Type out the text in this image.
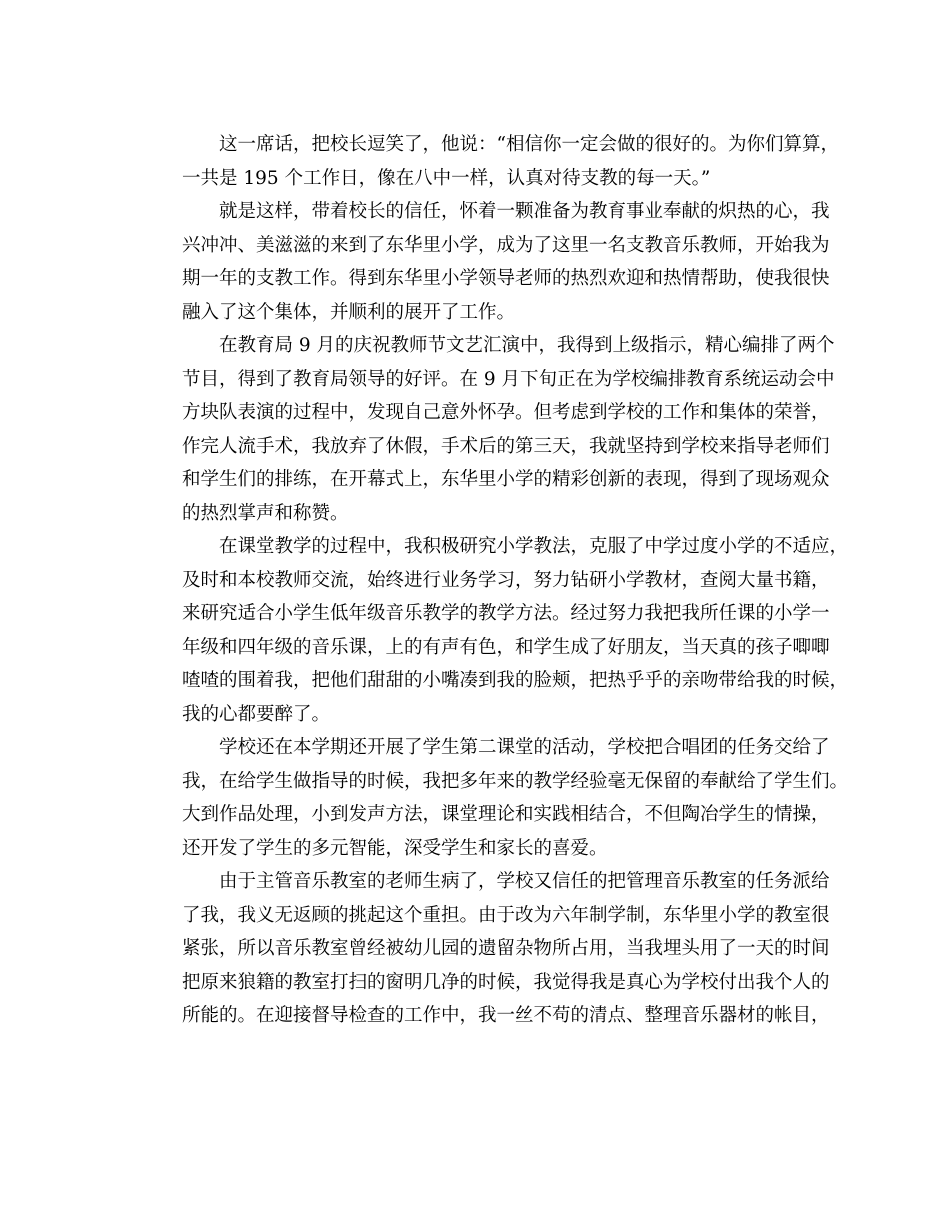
这一席话，把校长逗笑了，他说：“相信你一定会做的很好的。为你们算算，
一共是 195 个工作日，像在八中一样，认真对待支教的每一天。”
就是这样，带着校长的信任，怀着一颗准备为教育事业奉献的炽热的心，我
兴冲冲、美滋滋的来到了东华里小学，成为了这里一名支教音乐教师，开始我为
期一年的支教工作。得到东华里小学领导老师的热烈欢迎和热情帮助，使我很快
融入了这个集体，并顺利的展开了工作。
在教育局 9 月的庆祝教师节文艺汇演中，我得到上级指示，精心编排了两个
节目，得到了教育局领导的好评。在 9 月下旬正在为学校编排教育系统运动会中
方块队表演的过程中，发现自己意外怀孕。但考虑到学校的工作和集体的荣誉，
作完人流手术，我放弃了休假，手术后的第三天，我就坚持到学校来指导老师们
和学生们的排练，在开幕式上，东华里小学的精彩创新的表现，得到了现场观众
的热烈掌声和称赞。
在课堂教学的过程中，我积极研究小学教法，克服了中学过度小学的不适应，
及时和本校教师交流，始终进行业务学习，努力钻研小学教材，查阅大量书籍，
来研究适合小学生低年级音乐教学的教学方法。经过努力我把我所任课的小学一
年级和四年级的音乐课，上的有声有色，和学生成了好朋友，当天真的孩子唧唧
喳喳的围着我，把他们甜甜的小嘴凑到我的脸颊，把热乎乎的亲吻带给我的时候，
我的心都要醉了。
学校还在本学期还开展了学生第二课堂的活动，学校把合唱团的任务交给了
我，在给学生做指导的时候，我把多年来的教学经验毫无保留的奉献给了学生们。
大到作品处理，小到发声方法，课堂理论和实践相结合，不但陶冶学生的情操，
还开发了学生的多元智能，深受学生和家长的喜爱。
由于主管音乐教室的老师生病了，学校又信任的把管理音乐教室的任务派给
了我，我义无返顾的挑起这个重担。由于改为六年制学制，东华里小学的教室很
紧张，所以音乐教室曾经被幼儿园的遗留杂物所占用，当我埋头用了一天的时间
把原来狼籍的教室打扫的窗明几净的时候，我觉得我是真心为学校付出我个人的
所能的。在迎接督导检查的工作中，我一丝不苟的清点、整理音乐器材的帐目，
